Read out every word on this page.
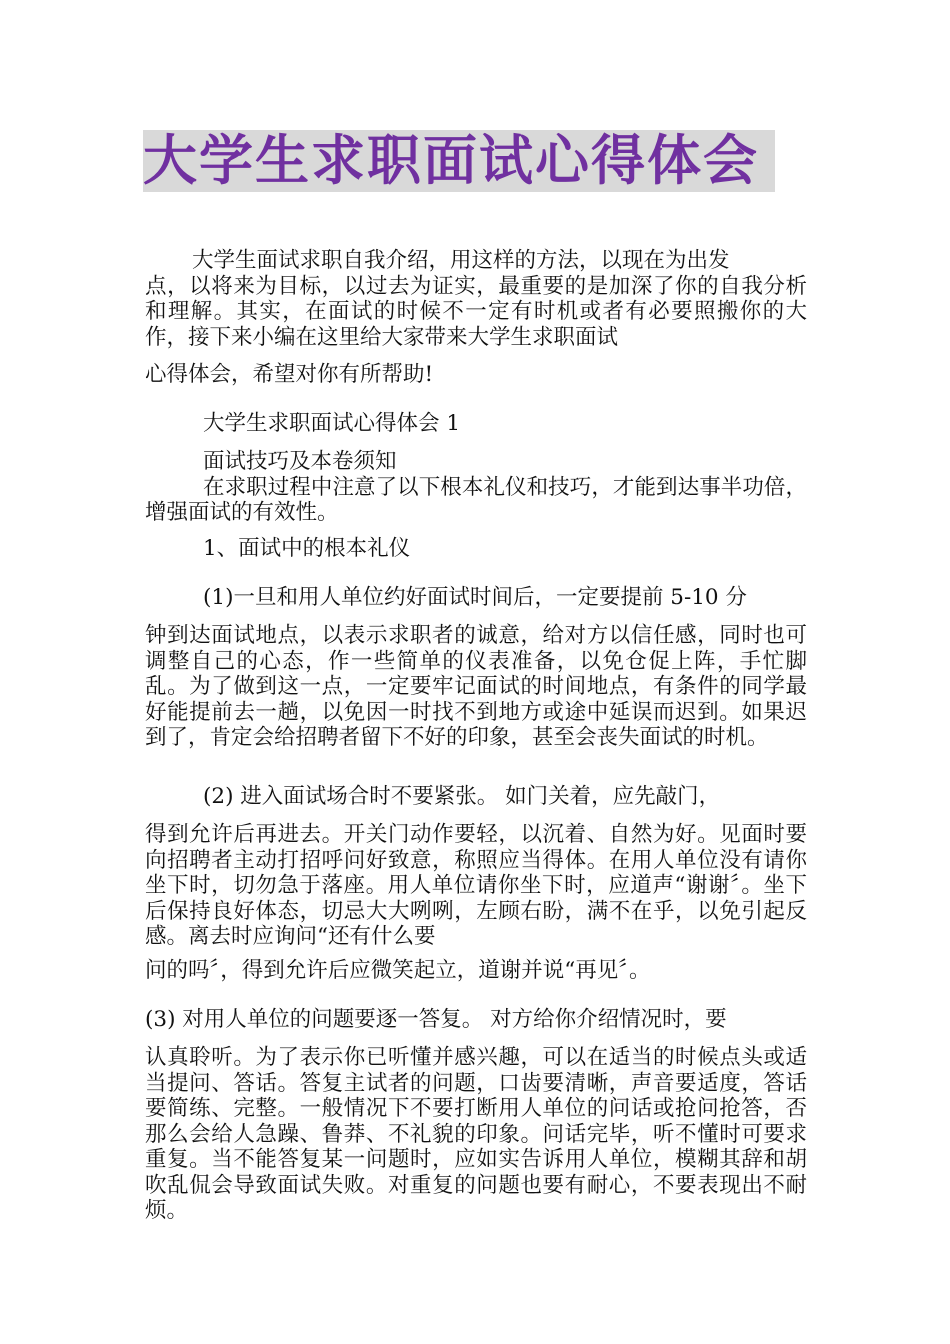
大学生求职面试心得体会

大学生面试求职自我介绍，用这样的方法，以现在为出发

点，以将来为目标，以过去为证实，最重要的是加深了你的自我分析和理解。其实，在面试的时候不一定有时机或者有必要照搬你的大作，接下来小编在这里给大家带来大学生求职面试

心得体会，希望对你有所帮助!

大学生求职面试心得体会 1

面试技巧及本卷须知

在求职过程中注意了以下根本礼仪和技巧，才能到达事半功倍，增强面试的有效性。

1、面试中的根本礼仪

(1)一旦和用人单位约好面试时间后，一定要提前 5-10 分

钟到达面试地点，以表示求职者的诚意，给对方以信任感，同时也可调整自己的心态，作一些简单的仪表准备，以免仓促上阵，手忙脚乱。为了做到这一点，一定要牢记面试的时间地点，有条件的同学最好能提前去一趟，以免因一时找不到地方或途中延误而迟到。如果迟到了，肯定会给招聘者留下不好的印象，甚至会丧失面试的时机。

(2) 进入面试场合时不要紧张。 如门关着，应先敲门，

得到允许后再进去。开关门动作要轻，以沉着、自然为好。见面时要向招聘者主动打招呼问好致意，称照应当得体。在用人单位没有请你坐下时，切勿急于落座。用人单位请你坐下时，应道声“谢谢〞。坐下后保持良好体态，切忌大大咧咧，左顾右盼，满不在乎，以免引起反感。离去时应询问“还有什么要

问的吗〞，得到允许后应微笑起立，道谢并说“再见〞。

(3) 对用人单位的问题要逐一答复。 对方给你介绍情况时，要

认真聆听。为了表示你已听懂并感兴趣，可以在适当的时候点头或适当提问、答话。答复主试者的问题，口齿要清晰，声音要适度，答话要简练、完整。一般情况下不要打断用人单位的问话或抢问抢答，否那么会给人急躁、鲁莽、不礼貌的印象。问话完毕，听不懂时可要求重复。当不能答复某一问题时，应如实告诉用人单位，模糊其辞和胡吹乱侃会导致面试失败。对重复的问题也要有耐心，不要表现出不耐烦。
